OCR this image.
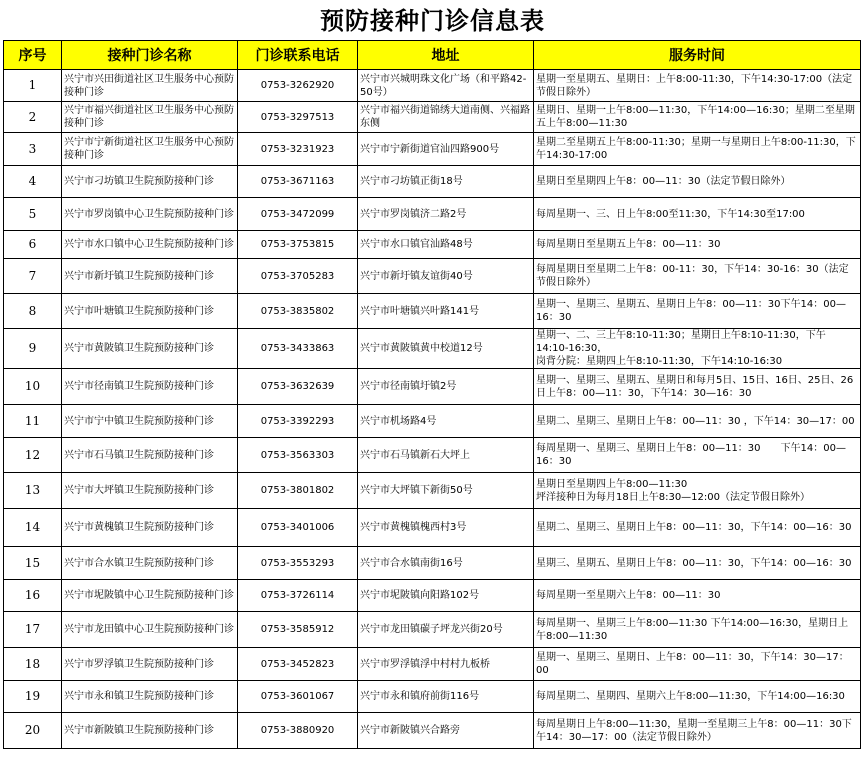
预防接种门诊信息表
序号	接种门诊名称	门诊联系电话	地址	服务时间
1	兴宁市兴田街道社区卫生服务中心预防接种门诊	0753-3262920	兴宁市兴城明珠文化广场（和平路42-50号）	星期一至星期五、星期日：上午8:00-11:30，下午14:30-17:00（法定节假日除外）
2	兴宁市福兴街道社区卫生服务中心预防接种门诊	0753-3297513	兴宁市福兴街道锦绣大道南侧、兴福路东侧	星期日、星期一上午8:00—11:30，下午14:00—16:30；星期二至星期五上午8:00—11:30
3	兴宁市宁新街道社区卫生服务中心预防接种门诊	0753-3231923	兴宁市宁新街道官汕四路900号	星期二至星期五上午8:00-11:30；星期一与星期日上午8:00-11:30，下午14:30-17:00
4	兴宁市刁坊镇卫生院预防接种门诊	0753-3671163	兴宁市刁坊镇正街18号	星期日至星期四上午8：00—11：30（法定节假日除外）
5	兴宁市罗岗镇中心卫生院预防接种门诊	0753-3472099	兴宁市罗岗镇济二路2号	每周星期一、三、日上午8:00至11:30，下午14:30至17:00
6	兴宁市水口镇中心卫生院预防接种门诊	0753-3753815	兴宁市水口镇官汕路48号	每周星期日至星期五上午8：00—11：30
7	兴宁市新圩镇卫生院预防接种门诊	0753-3705283	兴宁市新圩镇友谊街40号	每周星期日至星期二上午8：00-11：30，下午14：30-16：30（法定节假日除外）
8	兴宁市叶塘镇卫生院预防接种门诊	0753-3835802	兴宁市叶塘镇兴叶路141号	星期一、星期三、星期五、星期日上午8：00—11：30下午14：00—16：30
9	兴宁市黄陂镇卫生院预防接种门诊	0753-3433863	兴宁市黄陂镇黄中校道12号	星期一、二、三上午8:10-11:30；星期日上午8:10-11:30，下午14:10-16:30，
岗背分院：星期四上午8:10-11:30，下午14:10-16:30
10	兴宁市径南镇卫生院预防接种门诊	0753-3632639	兴宁市径南镇圩镇2号	星期一、星期三、星期五、星期日和每月5日、15日、16日、25日、26日上午8：00—11：30，下午14：30—16：30
11	兴宁市宁中镇卫生院预防接种门诊	0753-3392293	兴宁市机场路4号	星期二、星期三、星期日上午8：00—11：30 ，下午14：30—17：00
12	兴宁市石马镇卫生院预防接种门诊	0753-3563303	兴宁市石马镇新石大坪上	每周星期一、星期三、星期日上午8：00—11：30　　下午14：00—16：30
13	兴宁市大坪镇卫生院预防接种门诊	0753-3801802	兴宁市大坪镇下新街50号	星期日至星期四上午8:00—11:30
坪洋接种日为每月18日上午8:30—12:00（法定节假日除外）
14	兴宁市黄槐镇卫生院预防接种门诊	0753-3401006	兴宁市黄槐镇槐西村3号	星期二、星期三、星期日上午8：00—11：30，下午14：00—16：30
15	兴宁市合水镇卫生院预防接种门诊	0753-3553293	兴宁市合水镇南街16号	星期三、星期五、星期日上午8：00—11：30，下午14：00—16：30
16	兴宁市坭陂镇中心卫生院预防接种门诊	0753-3726114	兴宁市坭陂镇向阳路102号	每周星期一至星期六上午8：00—11：30
17	兴宁市龙田镇中心卫生院预防接种门诊	0753-3585912	兴宁市龙田镇碳子坪龙兴街20号	每周星期一、星期三上午8:00—11:30 下午14:00—16:30，星期日上午8:00—11:30
18	兴宁市罗浮镇卫生院预防接种门诊	0753-3452823	兴宁市罗浮镇浮中村村九板桥	星期一、星期三、星期日、上午8：00—11：30，下午14：30—17：00
19	兴宁市永和镇卫生院预防接种门诊	0753-3601067	兴宁市永和镇府前街116号	每周星期二、星期四、星期六上午8:00—11:30，下午14:00—16:30
20	兴宁市新陂镇卫生院预防接种门诊	0753-3880920	兴宁市新陂镇兴合路旁	每周星期日上午8:00—11:30，星期一至星期三上午8：00—11：30下午14：30—17：00（法定节假日除外）
